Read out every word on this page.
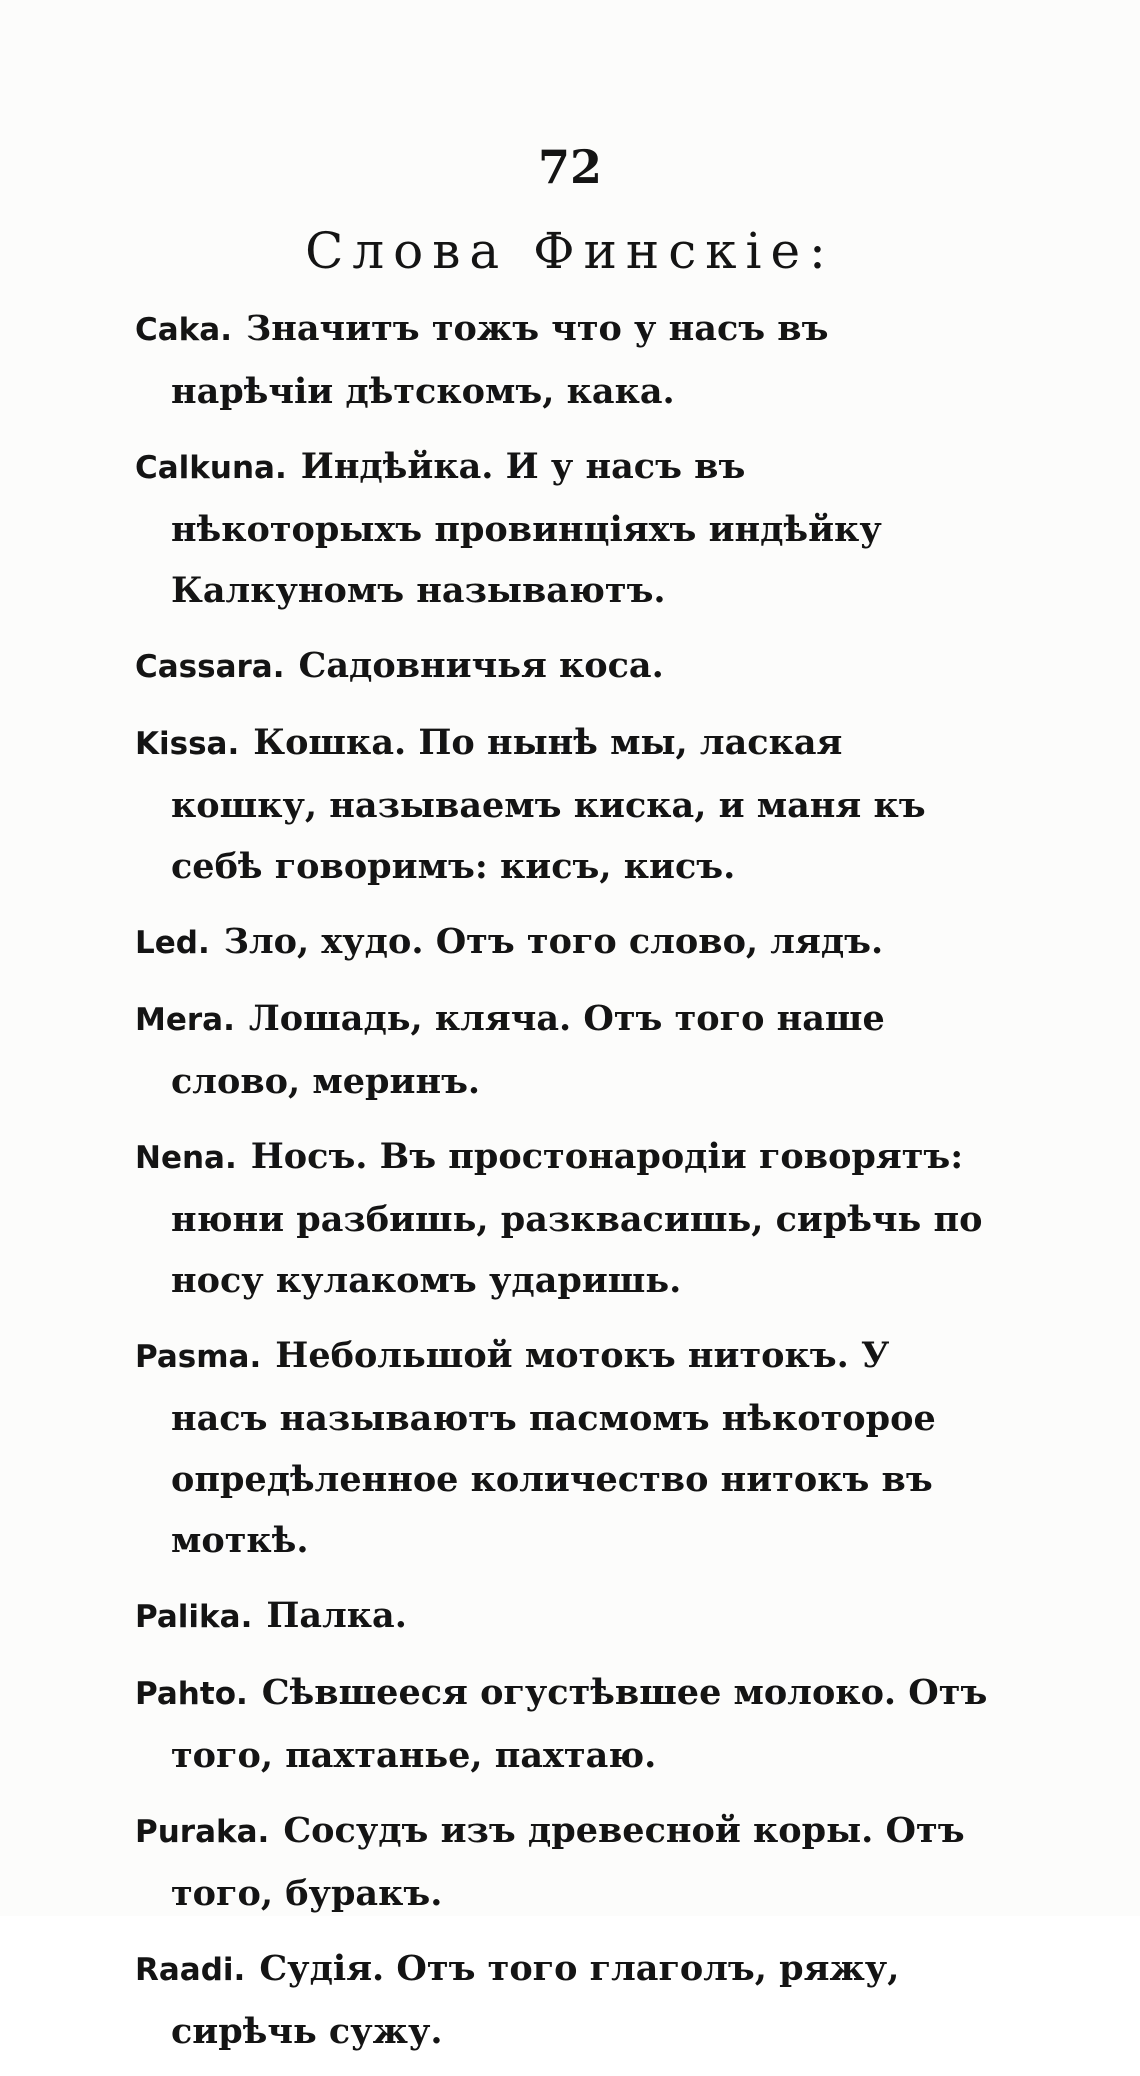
72
Слова Финскіе:

Caka. Значитъ тожъ что у насъ въ нарѣчіи дѣтскомъ, кака.

Calkuna. Индѣйка. И у насъ въ нѣкоторыхъ провинціяхъ индѣйку Калкуномъ называютъ.

Cassara. Садовничья коса.

Kissa. Кошка. По нынѣ мы, лаская кошку, называемъ киска, и маня къ себѣ говоримъ: кисъ, кисъ.

Led. Зло, худо. Отъ того слово, лядъ.

Mera. Лошадь, кляча. Отъ того наше слово, меринъ.

Nena. Носъ. Въ простонародіи говорятъ: нюни разбишь, разквасишь, сирѣчь по носу кулакомъ ударишь.

Pasma. Небольшой мотокъ нитокъ. У насъ называютъ пасмомъ нѣкоторое опредѣленное количество нитокъ въ моткѣ.

Palika. Палка.

Pahto. Сѣвшееся огустѣвшее молоко. Отъ того, пахтанье, пахтаю.

Puraka. Сосудъ изъ древесной коры. Отъ того, буракъ.

Raadi. Судія. Отъ того глаголъ, ряжу, сирѣчь сужу.
